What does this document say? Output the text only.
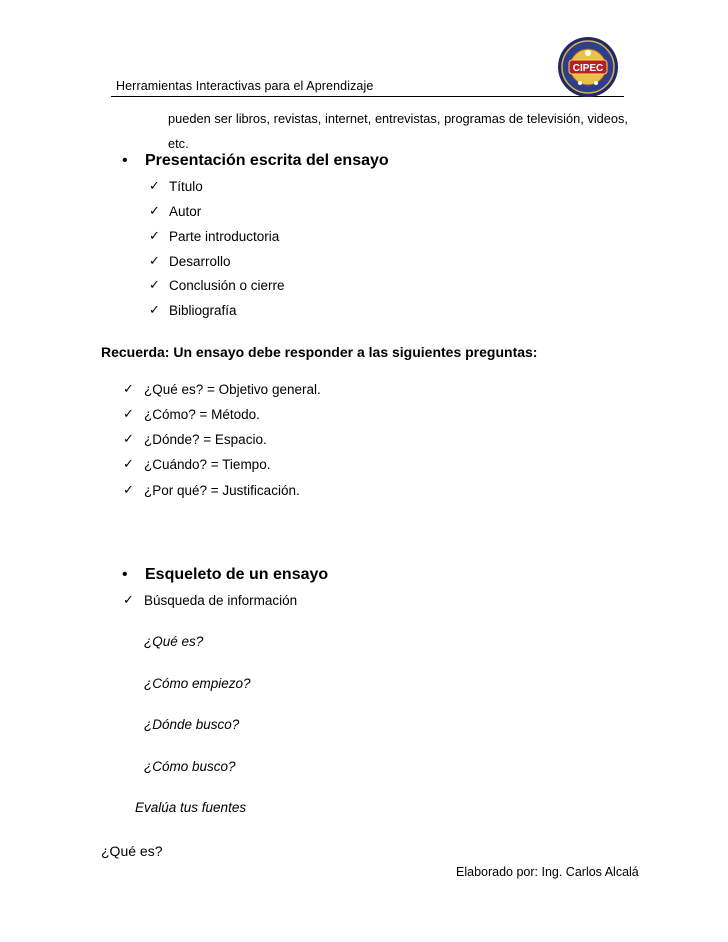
Herramientas Interactivas para el Aprendizaje
CIPEC
pueden ser libros, revistas, internet, entrevistas, programas de televisión, videos,
etc.
• Presentación escrita del ensayo
✓ Título
✓ Autor
✓ Parte introductoria
✓ Desarrollo
✓ Conclusión o cierre
✓ Bibliografía
Recuerda: Un ensayo debe responder a las siguientes preguntas:
✓ ¿Qué es? = Objetivo general.
✓ ¿Cómo? = Método.
✓ ¿Dónde? = Espacio.
✓ ¿Cuándo? = Tiempo.
✓ ¿Por qué? = Justificación.
• Esqueleto de un ensayo
✓ Búsqueda de información
¿Qué es?
¿Cómo empiezo?
¿Dónde busco?
¿Cómo busco?
Evalúa tus fuentes
¿Qué es?
Elaborado por: Ing. Carlos Alcalá
